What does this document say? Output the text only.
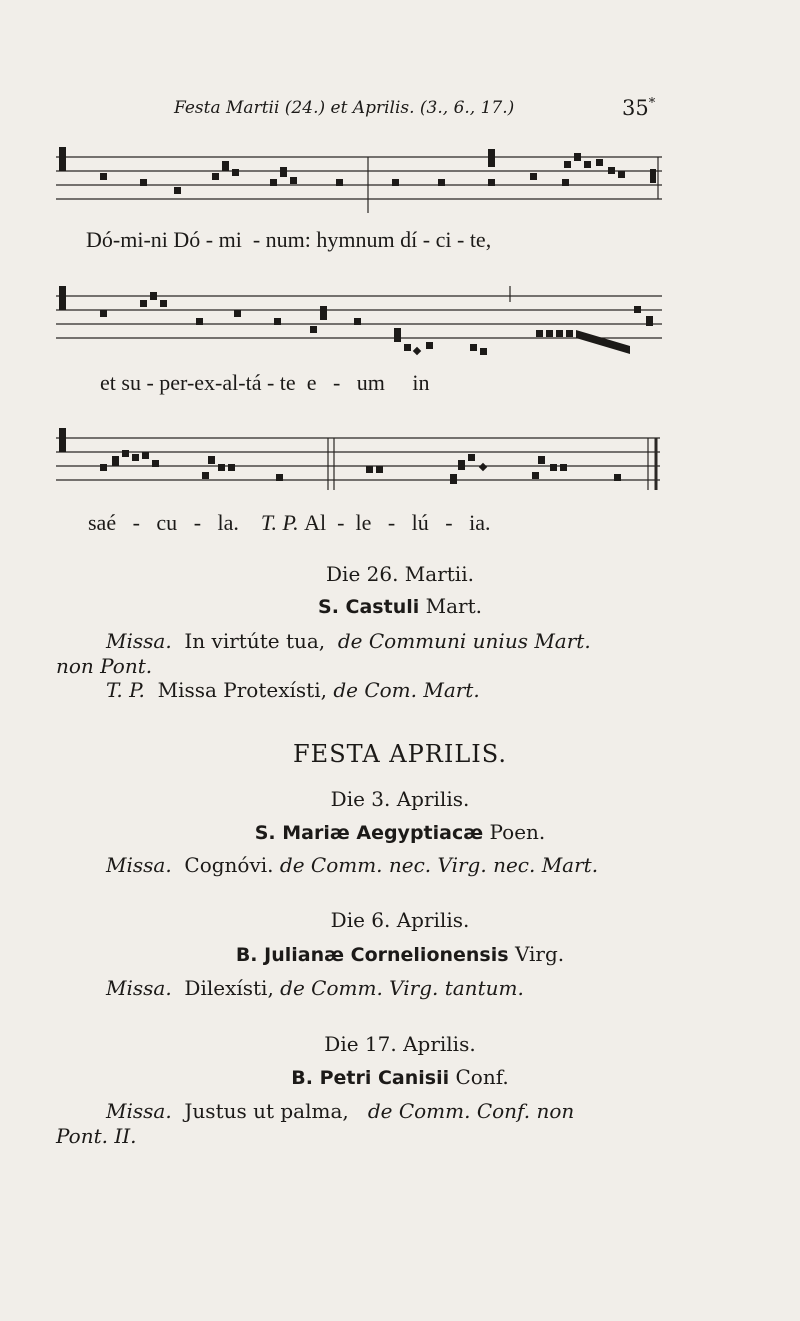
Festa Martii (24.) et Aprilis. (3., 6., 17.)	35*
Dó-mi-ni Dó - mi - num: hymnum dí - ci - te,
et su - per-ex-al-tá - te e - um in
saé - cu - la. T. P. Al - le - lú - ia.
Die 26. Martii.
S. Castuli Mart.
Missa. In virtúte tua, de Communi unius Mart.
non Pont.
T. P. Missa Protexísti, de Com. Mart.
FESTA APRILIS.
Die 3. Aprilis.
S. Mariæ Aegyptiacæ Poen.
Missa. Cognóvi. de Comm. nec. Virg. nec. Mart.
Die 6. Aprilis.
B. Julianæ Cornelionensis Virg.
Missa. Dilexísti, de Comm. Virg. tantum.
Die 17. Aprilis.
B. Petri Canisii Conf.
Missa. Justus ut palma, de Comm. Conf. non
Pont. II.
